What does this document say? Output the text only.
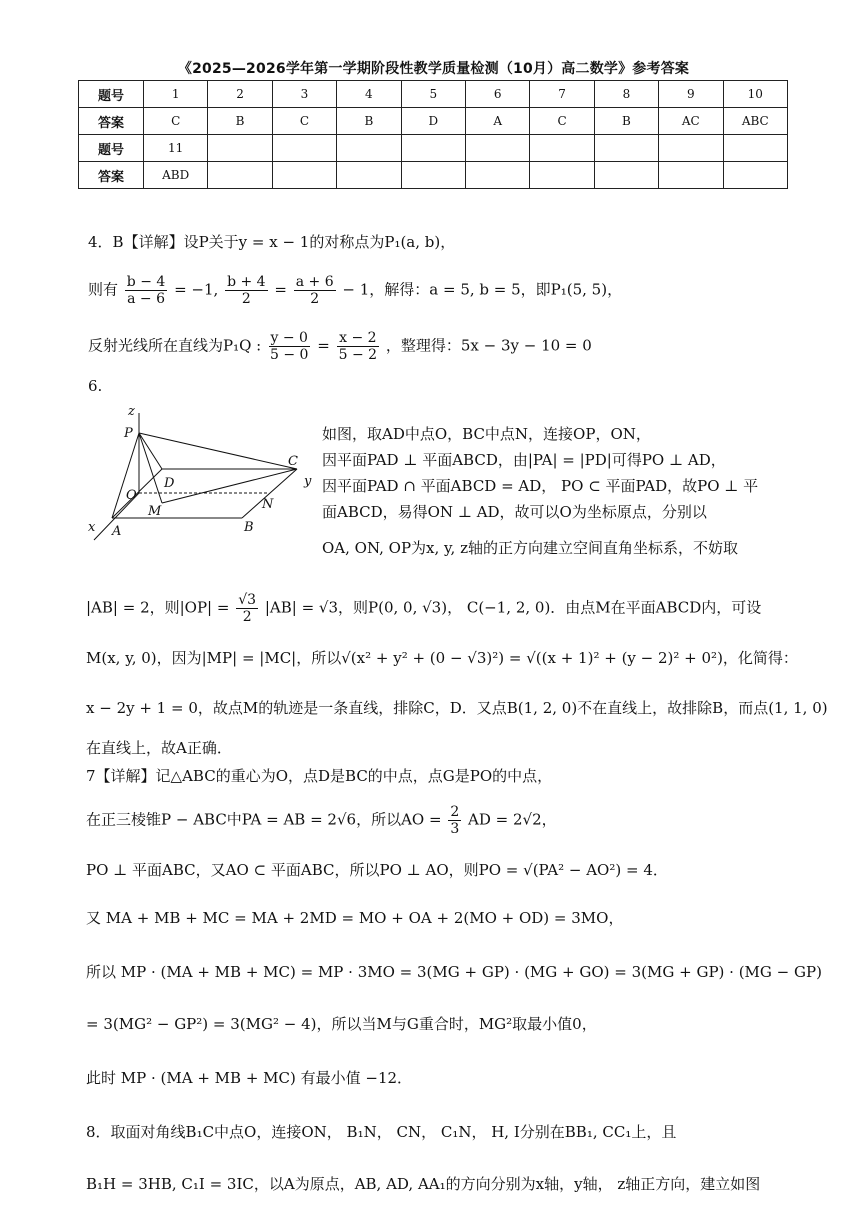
《2025—2026学年第一学期阶段性教学质量检测（10月）高二数学》参考答案
题号	1	2	3	4	5	6	7	8	9	10
答案	C	B	C	B	D	A	C	B	AC	ABC
题号	11									
答案	ABD									
4．B【详解】设P关于y = x − 1的对称点为P₁(a, b)，
则有 $\frac{b - 4}{a - 6} = -1$, $\frac{b + 4}{2} = \frac{a + 6}{2} - 1$，解得：a = 5, b = 5，即P₁(5, 5)，
反射光线所在直线为P₁Q : $\frac{y - 0}{5 - 0} = \frac{x - 2}{5 - 2}$ ，整理得：5x − 3y − 10 = 0
6.
z
P
O
D
C
y
M	N
B
A
x
如图，取AD中点O，BC中点N，连接OP，ON，
因平面PAD ⊥ 平面ABCD，由|PA| = |PD|可得PO ⊥ AD，
因平面PAD ∩ 平面ABCD = AD， PO ⊂ 平面PAD，故PO ⊥ 平
面ABCD，易得ON ⊥ AD，故可以O为坐标原点，分别以
OA, ON, OP为x, y, z轴的正方向建立空间直角坐标系，不妨取
|AB| = 2，则$|OP| = \frac{√3}{2} |AB| = √3$，则P(0, 0, √3)， C(−1, 2, 0)．由点M在平面ABCD内，可设
M(x, y, 0)，因为|MP| = |MC|，所以√(x² + y² + (0 − √3)²) = √((x + 1)² + (y − 2)² + 0²)，化简得：
x − 2y + 1 = 0，故点M的轨迹是一条直线，排除C，D．又点B(1, 2, 0)不在直线上，故排除B，而点(1, 1, 0)
在直线上，故A正确．
7【详解】记△ABC的重心为O，点D是BC的中点，点G是PO的中点，
在正三棱锥P − ABC中PA = AB = 2√6，所以AO = $\frac{2}{3}$ AD = 2√2，
PO ⊥ 平面ABC，又AO ⊂ 平面ABC，所以PO ⊥ AO，则PO = √(PA² − AO²) = 4．
又 MA + MB + MC = MA + 2MD = MO + OA + 2(MO + OD) = 3MO，
所以 MP · (MA + MB + MC) = MP · 3MO = 3(MG + GP) · (MG + GO) = 3(MG + GP) · (MG − GP)
= 3(MG² − GP²) = 3(MG² − 4)，所以当M与G重合时，MG²取最小值0，
此时 MP · (MA + MB + MC) 有最小值 −12．
8．取面对角线B₁C中点O，连接ON， B₁N， CN， C₁N， H, I分别在BB₁, CC₁上，且
B₁H = 3HB, C₁I = 3IC，以A为原点，AB, AD, AA₁的方向分别为x轴，y轴， z轴正方向，建立如图
